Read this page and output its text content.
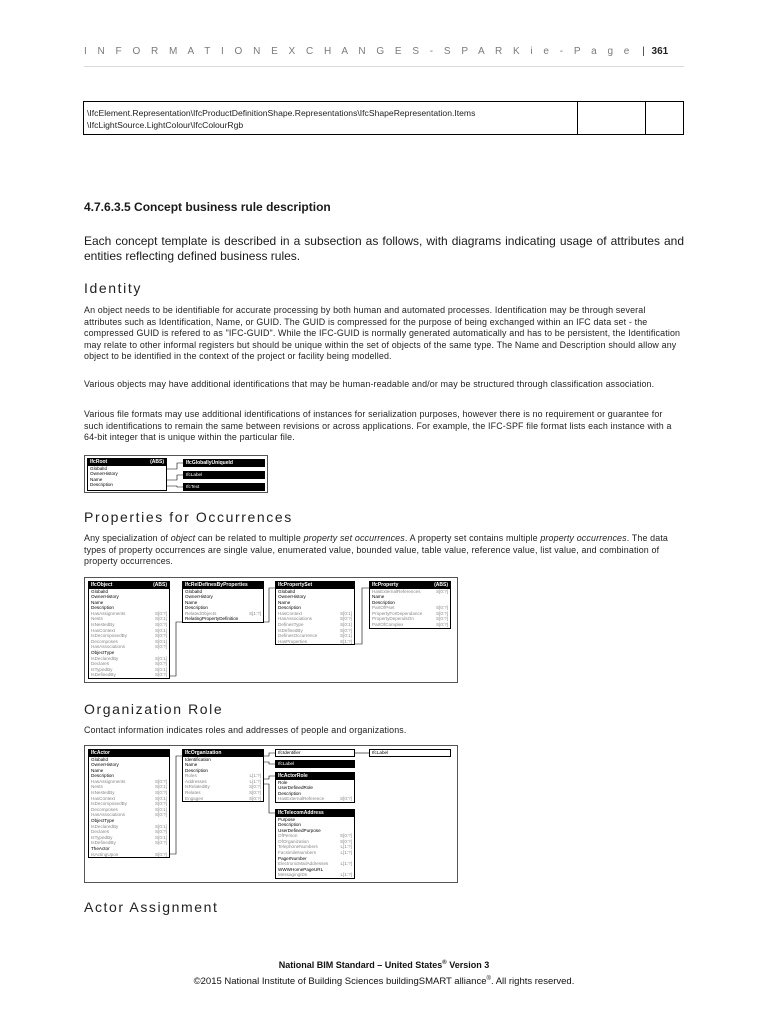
I N F O R M A T I O N E X C H A N G E S - S P A R K i e - P a g e | 361
\IfcElement.Representation\IfcProductDefinitionShape.Representations\IfcShapeRepresentation.Items
\IfcLightSource.LightColour\IfcColourRgb
4.7.6.3.5 Concept business rule description
Each concept template is described in a subsection as follows, with diagrams indicating usage of attributes and entities reflecting defined business rules.
Identity
An object needs to be identifiable for accurate processing by both human and automated processes. Identification may be through several attributes such as Identification, Name, or GUID. The GUID is compressed for the purpose of being exchanged within an IFC data set - the compressed GUID is refered to as "IFC-GUID". While the IFC-GUID is normally generated automatically and has to be persistent, the Identification may relate to other informal registers but should be unique within the set of objects of the same type. The Name and Description should allow any object to be identified in the context of the project or facility being modelled.
Various objects may have additional identifications that may be human-readable and/or may be structured through classification association.
Various file formats may use additional identifications of instances for serialization purposes, however there is no requirement or guarantee for such identifications to remain the same between revisions or across applications. For example, the IFC-SPF file format lists each instance with a 64-bit integer that is unique within the particular file.
IfcRoot	(ABS)
GlobalId
OwnerHistory
Name
Description
IfcGloballyUniqueId
IfcLabel
IfcText
Properties for Occurrences
Any specialization of object can be related to multiple property set occurrences. A property set contains multiple property occurrences. The data types of property occurrences are single value, enumerated value, bounded value, table value, reference value, list value, and combination of property occurrences.
IfcObject	(ABS)
GlobalId
OwnerHistory
Name
Description
HasAssignments	S[0:?]
Nests	S[0:1]
IsNestedBy	S[0:?]
HasContext	S[0:1]
IsDecomposedBy	S[0:?]
Decomposes	S[0:1]
HasAssociations	S[0:?]
ObjectType
IsDeclaredBy	S[0:1]
Declares	S[0:?]
IsTypedBy	S[0:1]
IsDefinedBy	S[0:?]
IfcRelDefinesByProperties
GlobalId
OwnerHistory
Name
Description
RelatedObjects	S[1:?]
RelatingPropertyDefinition
IfcPropertySet
GlobalId
OwnerHistory
Name
Description
HasContext	S[0:1]
HasAssociations	S[0:?]
DefinesType	S[0:1]
IsDefinedBy	S[0:?]
DefinesOccurrence	S[0:1]
HasProperties	S[1:?]
IfcProperty	(ABS)
HasExternalReferences	S[0:?]
Name
Description
PartOfPset	S[0:?]
PropertyForDependance	S[0:?]
PropertyDependsOn	S[0:?]
PartOfComplex	S[0:?]
Organization Role
Contact information indicates roles and addresses of people and organizations.
IfcActor
GlobalId
OwnerHistory
Name
Description
HasAssignments	S[0:?]
Nests	S[0:1]
IsNestedBy	S[0:?]
HasContext	S[0:1]
IsDecomposedBy	S[0:?]
Decomposes	S[0:1]
HasAssociations	S[0:?]
ObjectType
IsDeclaredBy	S[0:1]
Declares	S[0:?]
IsTypedBy	S[0:1]
IsDefinedBy	S[0:?]
TheActor
IsActingUpon	S[0:?]
IfcOrganization
Identification
Name
Description
Roles	L[1:?]
Addresses	L[1:?]
IsRelatedBy	S[0:?]
Relates	S[0:?]
Engages	S[0:?]
IfcIdentifier	IfcLabel
IfcLabel
IfcActorRole
Role
UserDefinedRole
Description
HasExternalReference	S[0:?]
IfcTelecomAddress
Purpose
Description
UserDefinedPurpose
OfPerson	S[0:?]
OfOrganization	S[0:?]
TelephoneNumbers	L[1:?]
FacsimileNumbers	L[1:?]
PagerNumber
ElectronicMailAddresses	L[1:?]
WWWHomePageURL
MessagingIDs	L[1:?]
Actor Assignment
National BIM Standard – United States® Version 3
©2015 National Institute of Building Sciences buildingSMART alliance®. All rights reserved.
